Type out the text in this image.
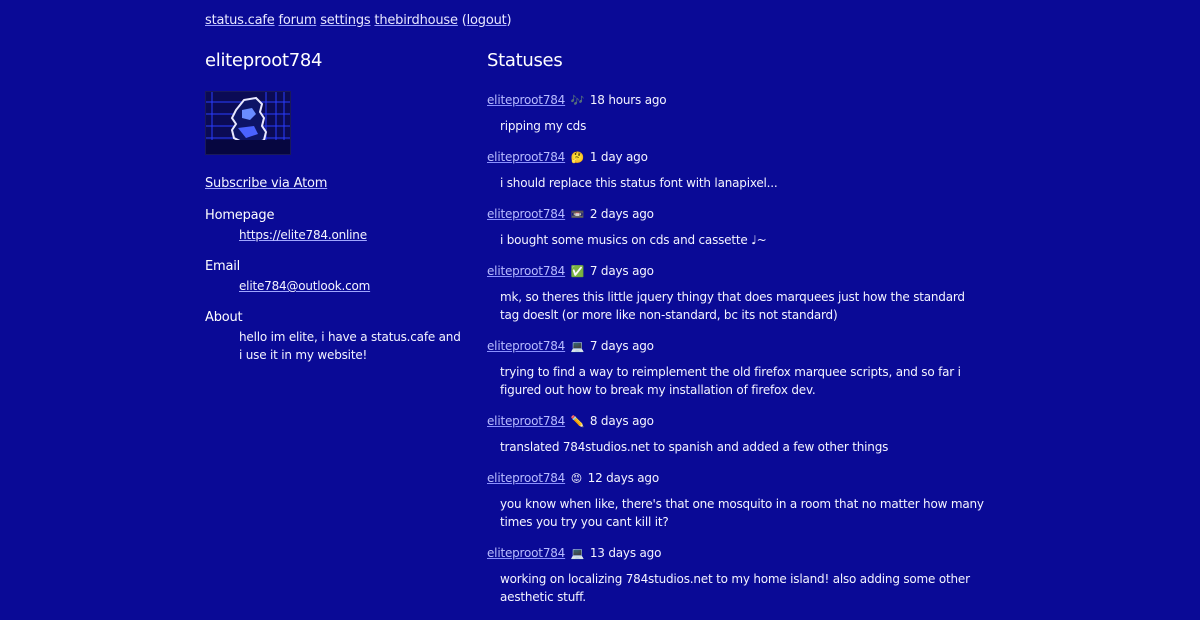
status.cafe forum settings thebirdhouse (logout)
eliteproot784
Subscribe via Atom
Homepage
https://elite784.online
Email
elite784@outlook.com
About
hello im elite, i have a status.cafe and i use it in my website!
Statuses
eliteproot784 🎶 18 hours ago
ripping my cds
eliteproot784 🤔 1 day ago
i should replace this status font with lanapixel...
eliteproot784 📼 2 days ago
i bought some musics on cds and cassette ♩~
eliteproot784 ✅ 7 days ago
mk, so theres this little jquery thingy that does marquees just how the standard tag doeslt (or more like non-standard, bc its not standard)
eliteproot784 💻 7 days ago
trying to find a way to reimplement the old firefox marquee scripts, and so far i figured out how to break my installation of firefox dev.
eliteproot784 ✏️ 8 days ago
translated 784studios.net to spanish and added a few other things
eliteproot784 😡 12 days ago
you know when like, there's that one mosquito in a room that no matter how many times you try you cant kill it?
eliteproot784 💻 13 days ago
working on localizing 784studios.net to my home island! also adding some other aesthetic stuff.
